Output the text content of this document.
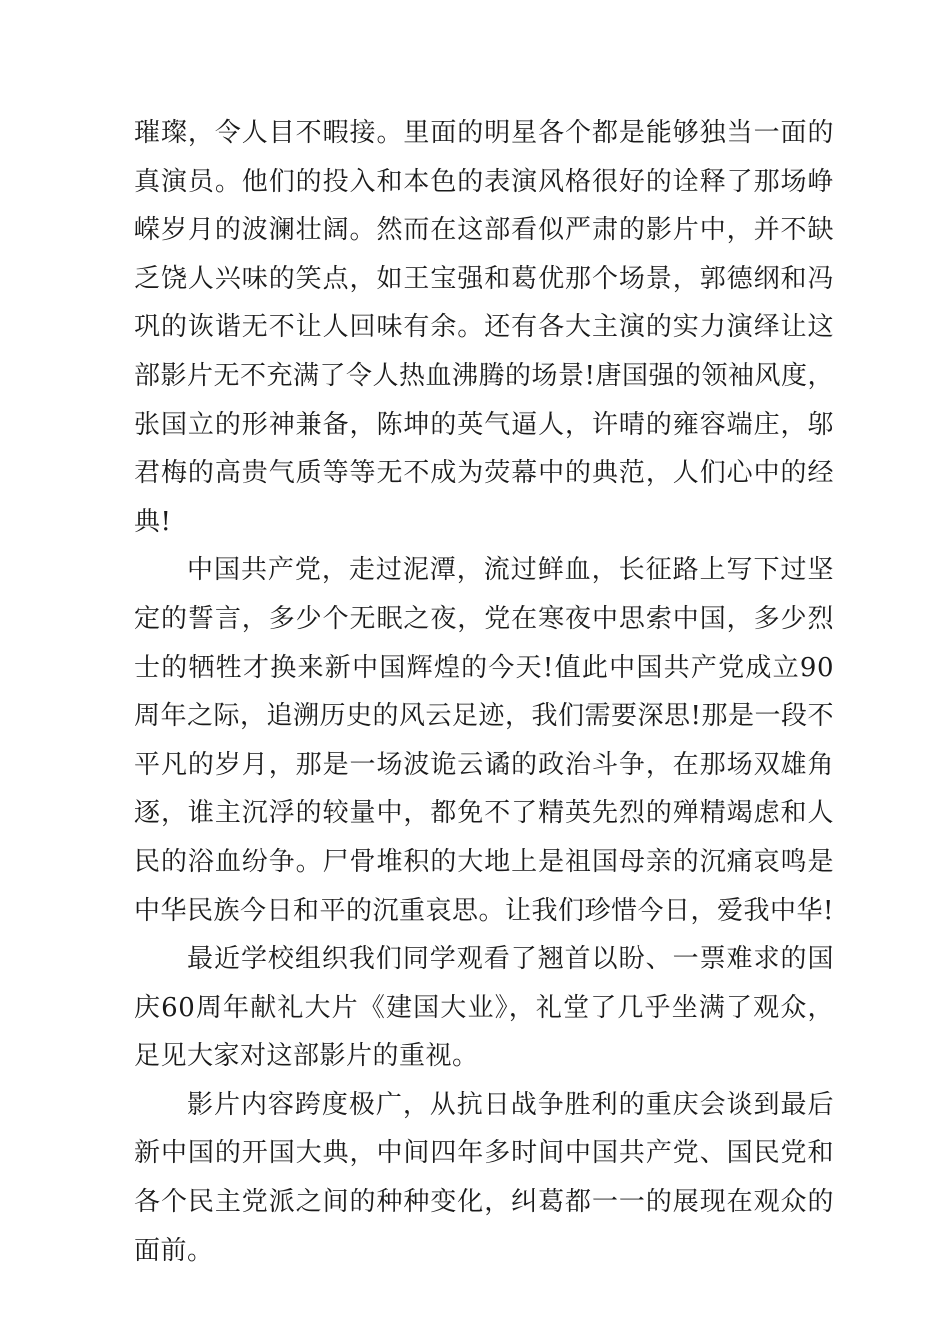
璀璨，令人目不暇接。里面的明星各个都是能够独当一面的真演员。他们的投入和本色的表演风格很好的诠释了那场峥嵘岁月的波澜壮阔。然而在这部看似严肃的影片中，并不缺乏饶人兴味的笑点，如王宝强和葛优那个场景，郭德纲和冯巩的诙谐无不让人回味有余。还有各大主演的实力演绎让这部影片无不充满了令人热血沸腾的场景!唐国强的领袖风度，张国立的形神兼备，陈坤的英气逼人，许晴的雍容端庄，邬君梅的高贵气质等等无不成为荧幕中的典范，人们心中的经典!

中国共产党，走过泥潭，流过鲜血，长征路上写下过坚定的誓言，多少个无眠之夜，党在寒夜中思索中国，多少烈士的牺牲才换来新中国辉煌的今天!值此中国共产党成立90周年之际，追溯历史的风云足迹，我们需要深思!那是一段不平凡的岁月，那是一场波诡云谲的政治斗争，在那场双雄角逐，谁主沉浮的较量中，都免不了精英先烈的殚精竭虑和人民的浴血纷争。尸骨堆积的大地上是祖国母亲的沉痛哀鸣是中华民族今日和平的沉重哀思。让我们珍惜今日，爱我中华!

最近学校组织我们同学观看了翘首以盼、一票难求的国庆60周年献礼大片《建国大业》，礼堂了几乎坐满了观众，足见大家对这部影片的重视。

影片内容跨度极广，从抗日战争胜利的重庆会谈到最后新中国的开国大典，中间四年多时间中国共产党、国民党和各个民主党派之间的种种变化，纠葛都一一的展现在观众的面前。
